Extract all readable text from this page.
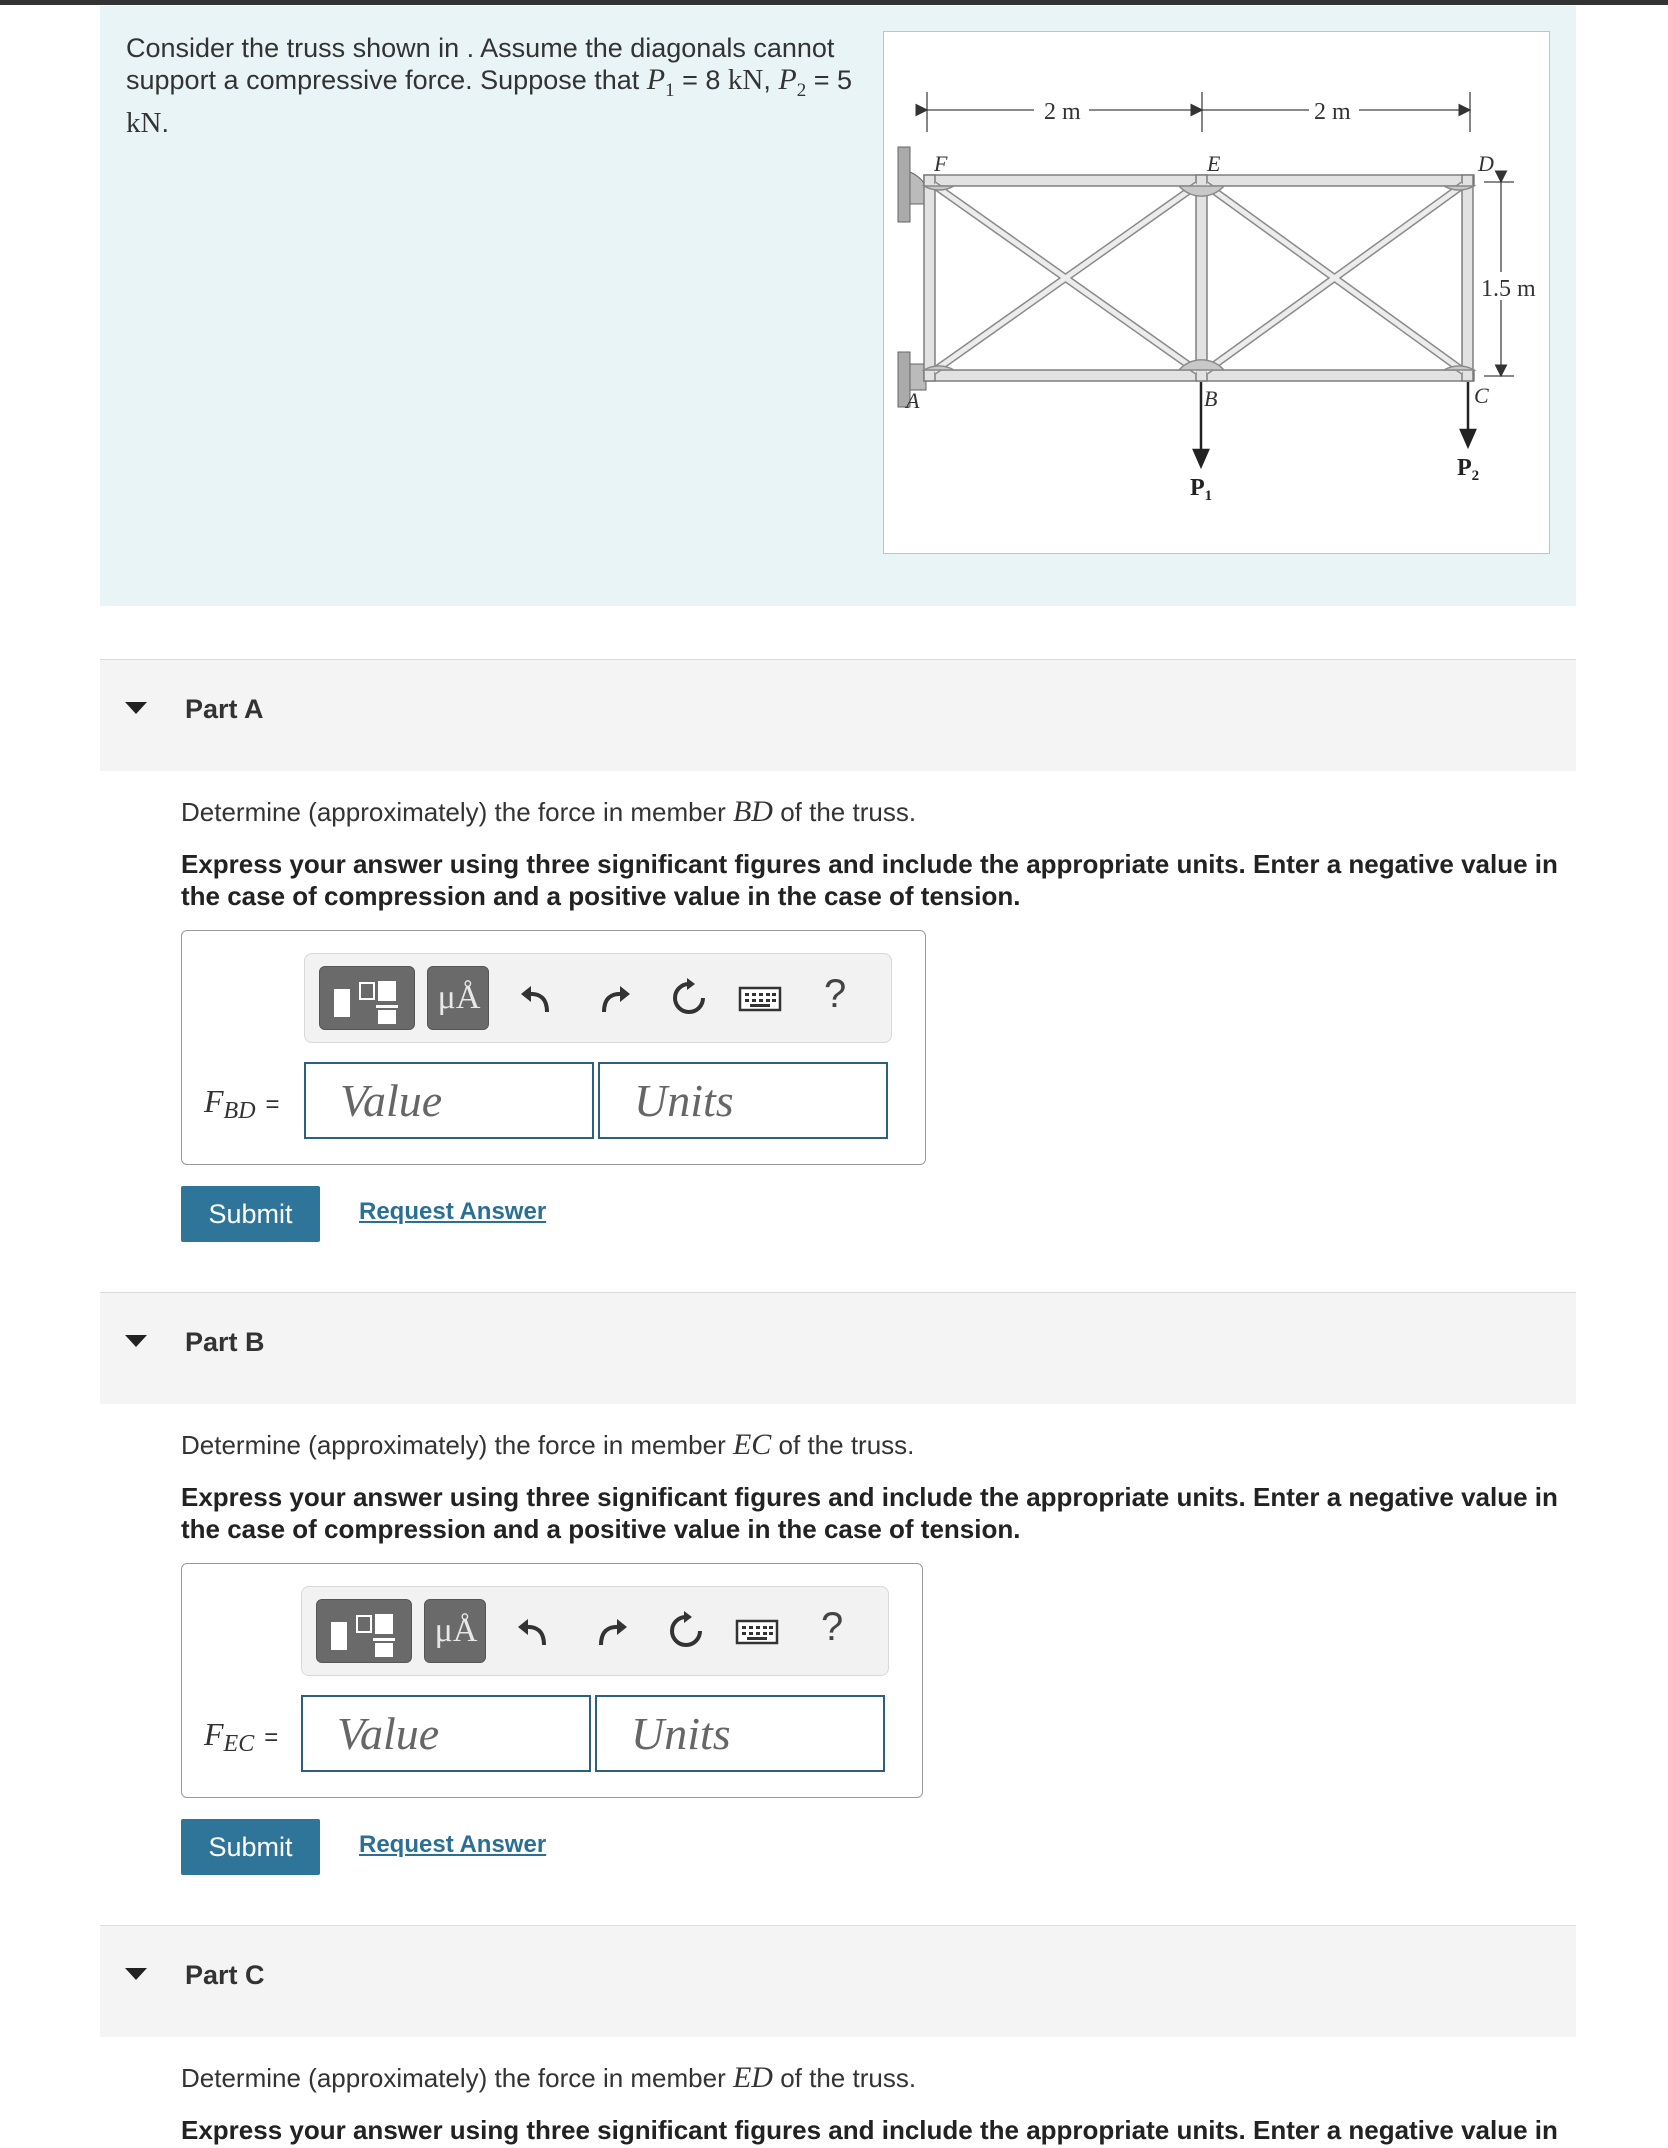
Consider the truss shown in . Assume the diagonals cannot support a compressive force. Suppose that $P_1 = 8$ kN, $P_2 = 5$ kN.	2 m	2 m
1.5 m
F	E	D
A	B	C
$P_1$
$P_2$
Part A
Determine (approximately) the force in member BD of the truss.
Express your answer using three significant figures and include the appropriate units. Enter a negative value in the case of compression and a positive value in the case of tension.
μÅ	?
$F_{BD}$ =
Value
Units
Submit	Request Answer
Part B
Determine (approximately) the force in member EC of the truss.
Express your answer using three significant figures and include the appropriate units. Enter a negative value in the case of compression and a positive value in the case of tension.
μÅ	?
$F_{EC}$ =
Value
Units
Submit	Request Answer
Part C
Determine (approximately) the force in member ED of the truss.
Express your answer using three significant figures and include the appropriate units. Enter a negative value in
